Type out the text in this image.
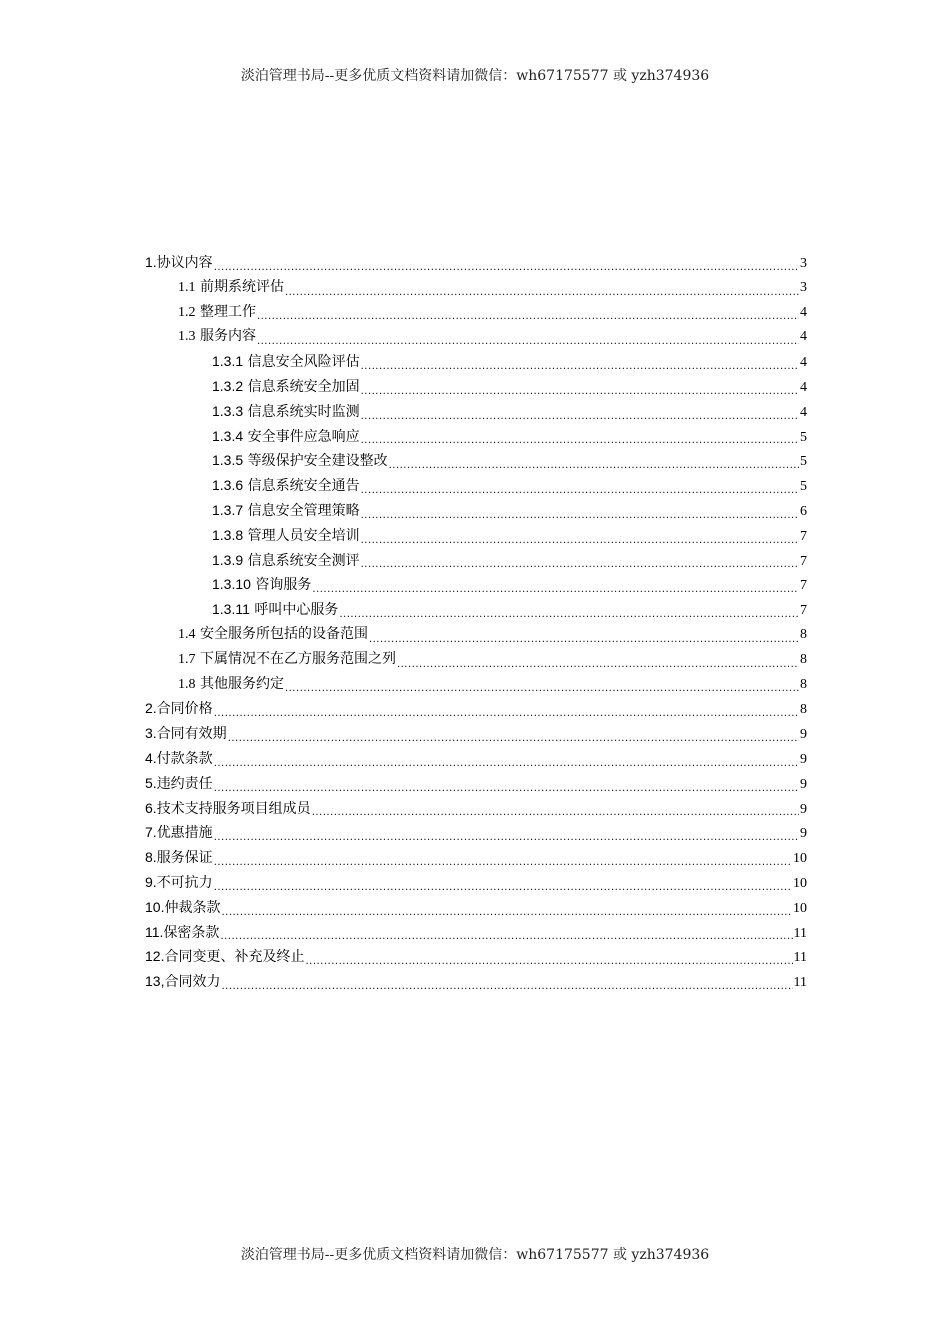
淡泊管理书局--更多优质文档资料请加微信：wh67175577 或 yzh374936
1.协议内容 .....	3
1.1 前期系统评估 .....	3
1.2 整理工作 .....	4
1.3 服务内容 .....	4
1.3.1 信息安全风险评估 .....	4
1.3.2 信息系统安全加固 .....	4
1.3.3 信息系统实时监测 .....	4
1.3.4 安全事件应急响应 .....	5
1.3.5 等级保护安全建设整改 .....	5
1.3.6 信息系统安全通告 .....	5
1.3.7 信息安全管理策略 .....	6
1.3.8 管理人员安全培训 .....	7
1.3.9 信息系统安全测评 .....	7
1.3.10 咨询服务 .....	7
1.3.11 呼叫中心服务 .....	7
1.4 安全服务所包括的设备范围 .....	8
1.7 下属情况不在乙方服务范围之列 .....	8
1.8 其他服务约定 .....	8
2.合同价格 .....	8
3.合同有效期 .....	9
4.付款条款 .....	9
5.违约责任 .....	9
6.技术支持服务项目组成员 .....	9
7.优惠措施 .....	9
8.服务保证 .....	10
9.不可抗力 .....	10
10.仲裁条款 .....	10
11.保密条款 .....	11
12.合同变更、补充及终止 .....	11
13,合同效力 .....	11
淡泊管理书局--更多优质文档资料请加微信：wh67175577 或 yzh374936
